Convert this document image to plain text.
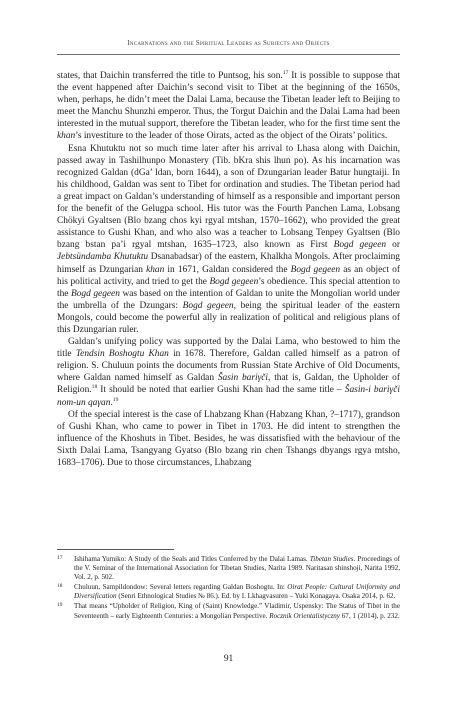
Incarnations and the Spiritual Leaders as Subjects and Objects

states, that Daichin transferred the title to Puntsog, his son.$^{17}$ It is possible to suppose that the event happened after Daichin’s second visit to Tibet at the beginning of the 1650s, when, perhaps, he didn’t meet the Dalai Lama, because the Tibetan leader left to Beijing to meet the Manchu Shunzhi emperor. Thus, the Torgut Daichin and the Dalai Lama had been interested in the mutual support, therefore the Tibetan leader, who for the first time sent the khan’s investiture to the leader of those Oirats, acted as the object of the Oirats’ politics.

Esna Khutuktu not so much time later after his arrival to Lhasa along with Daichin, passed away in Tashilhunpo Monastery (Tib. bKra shis lhun po). As his incarnation was recognized Galdan (dGa’ ldan, born 1644), a son of Dzungarian leader Batur hungtaiji. In his childhood, Galdan was sent to Tibet for ordination and studies. The Tibetan period had a great impact on Galdan’s understanding of himself as a responsible and important person for the benefit of the Gelugpa school. His tutor was the Fourth Panchen Lama, Lobsang Chökyi Gyaltsen (Blo bzang chos kyi rgyal mtshan, 1570–1662), who provided the great assistance to Gushi Khan, and who also was a teacher to Lobsang Tenpey Gyaltsen (Blo bzang bstan pa’i rgyal mtshan, 1635–1723, also known as First Bogd gegeen or Jebtsündamba Khutuktu Dsanabadsar) of the eastern, Khalkha Mongols. After proclaiming himself as Dzungarian khan in 1671, Galdan considered the Bogd gegeen as an object of his political activity, and tried to get the Bogd gegeen’s obedience. This special attention to the Bogd gegeen was based on the intention of Galdan to unite the Mongolian world under the umbrella of the Dzungars: Bogd gegeen, being the spiritual leader of the eastern Mongols, could become the powerful ally in realization of political and religious plans of this Dzungarian ruler.

Galdan’s unifying policy was supported by the Dalai Lama, who bestowed to him the title Tendsin Boshogtu Khan in 1678. Therefore, Galdan called himself as a patron of religion. S. Chuluun points the documents from Russian State Archive of Old Documents, where Galdan named himself as Galdan Šasin bariγči, that is, Galdan, the Upholder of Religion.$^{18}$ It should be noted that earlier Gushi Khan had the same title – Šasin-i bariγči nom-un qaγan.$^{19}$

Of the special interest is the case of Lhabzang Khan (Habzang Khan, ?–1717), grandson of Gushi Khan, who came to power in Tibet in 1703. He did intent to strengthen the influence of the Khoshuts in Tibet. Besides, he was dissatisfied with the behaviour of the Sixth Dalai Lama, Tsangyang Gyatso (Blo bzang rin chen Tshangs dbyangs rgya mtsho, 1683–1706). Due to those circumstances, Lhabzang

17 Ishihama Yumiko: A Study of the Seals and Titles Conferred by the Dalai Lamas. Tibetan Studies. Proceedings of the V. Seminar of the International Association for Tibetan Studies, Narita 1989. Naritasan shinshoji, Narita 1992, Vol. 2, p. 502.
18 Chuluun, Sampildondow: Several letters regarding Galdan Boshogtu. In: Oirat People: Cultural Uniformity and Diversification (Senri Ethnological Studies № 86.). Ed. by I. Lkhagvasuren – Yuki Konagaya. Osaka 2014, p. 62.
19 That means “Upholder of Religion, King of (Saint) Knowledge.” Vladimir, Uspensky: The Status of Tibet in the Seventeenth – early Eighteenth Centuries: a Mongolian Perspective. Rocznik Orientalistyczny 67, 1 (2014), p. 232.
91
